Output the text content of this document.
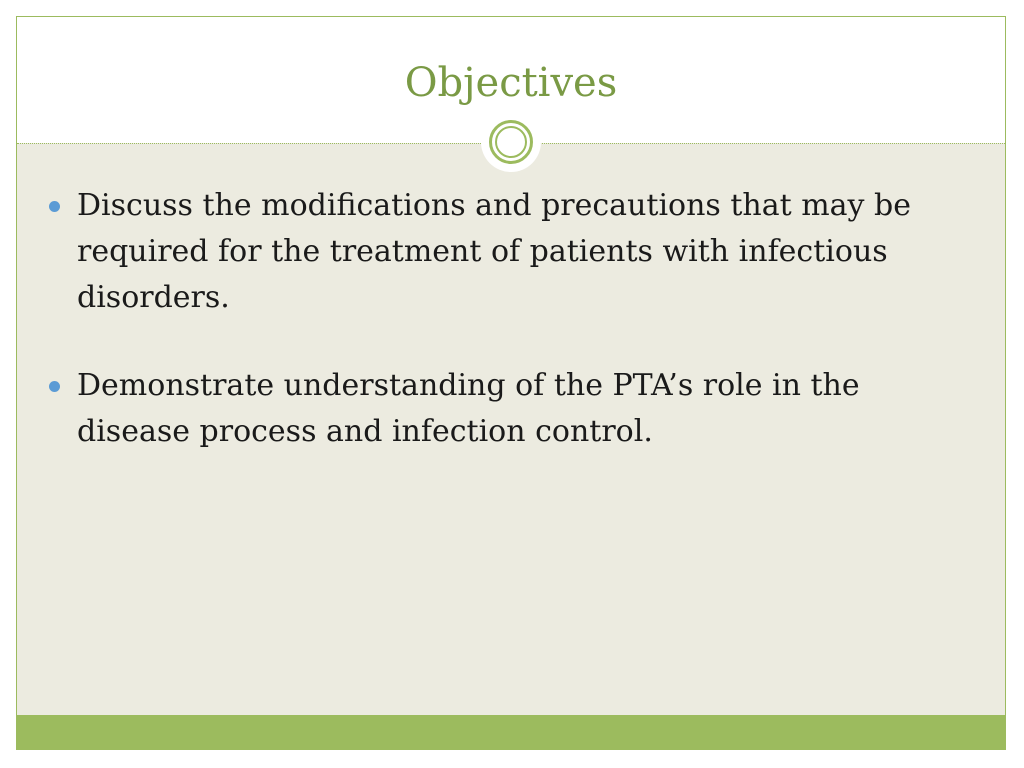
Objectives
Discuss the modifications and precautions that may be required for the treatment of patients with infectious disorders.
Demonstrate understanding of the PTA’s role in the disease process and infection control.
